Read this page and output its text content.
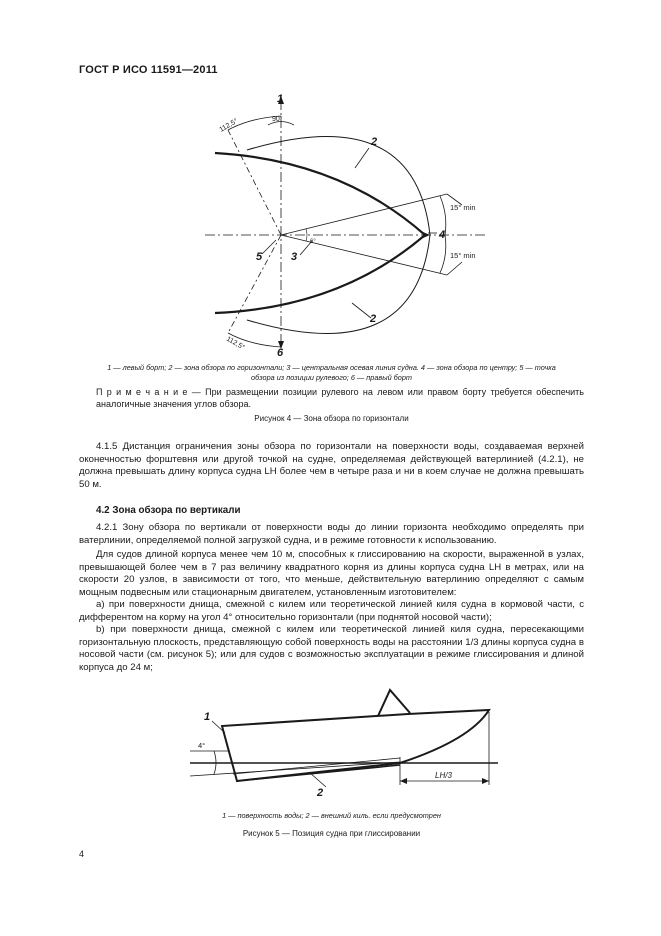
ГОСТ Р ИСО 11591—2011
1
90°
112,5°
2
15° min
4
15° min
5	3
6°
2
112,5°
6
1 — левый борт; 2 — зона обзора по горизонтали; 3 — центральная осевая линия судна. 4 — зона обзора по центру; 5 — точка
обзора из позиции рулевого; 6 — правый борт
П р и м е ч а н и е — При размещении позиции рулевого на левом или правом борту требуется обеспечить аналогичные значения углов обзора.
Рисунок 4 — Зона обзора по горизонтали

4.1.5 Дистанция ограничения зоны обзора по горизонтали на поверхности воды, создаваемая верхней оконечностью форштевня или другой точкой на судне, определяемая действующей ватерлинией (4.2.1), не должна превышать длину корпуса судна LH более чем в четыре раза и ни в коем случае не должна превышать 50 м.

4.2 Зона обзора по вертикали

4.2.1 Зону обзора по вертикали от поверхности воды до линии горизонта необходимо определять при ватерлинии, определяемой полной загрузкой судна, и в режиме готовности к использованию.

Для судов длиной корпуса менее чем 10 м, способных к глиссированию на скорости, выраженной в узлах, превышающей более чем в 7 раз величину квадратного корня из длины корпуса судна LH в метрах, или на скорости 20 узлов, в зависимости от того, что меньше, действительную ватерлинию определяют с самым мощным подвесным или стационарным двигателем, установленным изготовителем:

а) при поверхности днища, смежной с килем или теоретической линией киля судна в кормовой части, с дифферентом на корму на угол 4° относительно горизонтали (при поднятой носовой части);

b) при поверхности днища, смежной с килем или теоретической линией киля судна, пересекающими горизонтальную плоскость, представляющую собой поверхность воды на расстоянии 1/3 длины корпуса судна в носовой части (см. рисунок 5); или для судов с возможностью эксплуатации в режиме глиссирования и длиной корпуса до 24 м;

1
4°
2
LH/3
1 — поверхность воды; 2 — внешний киль. если предусмотрен
Рисунок 5 — Позиция судна при глиссировании
4
